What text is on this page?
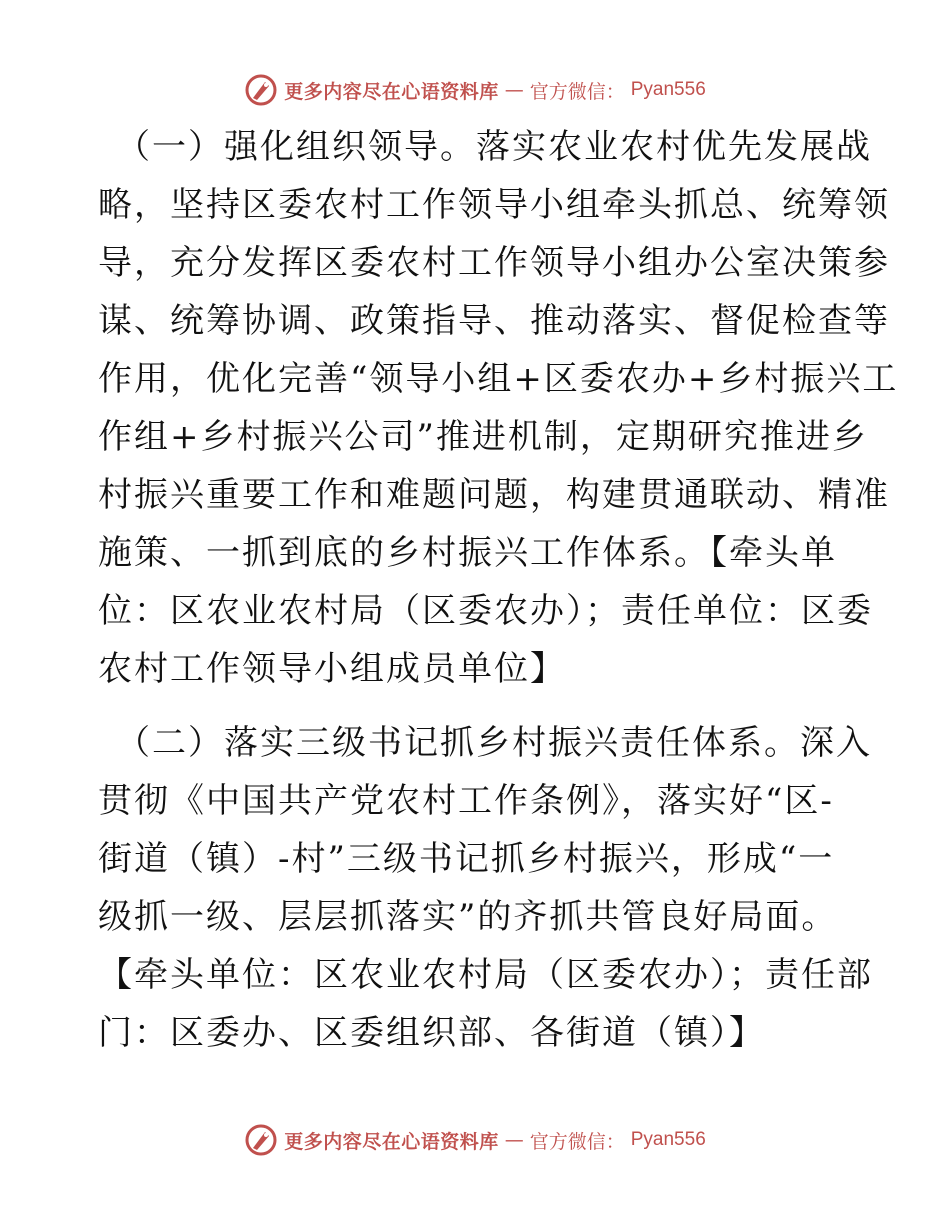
更多内容尽在心语资料库 — 官方微信： Pyan556

（一）强化组织领导。落实农业农村优先发展战
略，坚持区委农村工作领导小组牵头抓总、统筹领
导，充分发挥区委农村工作领导小组办公室决策参
谋、统筹协调、政策指导、推动落实、督促检查等
作用，优化完善“领导小组+区委农办+乡村振兴工
作组+乡村振兴公司”推进机制，定期研究推进乡
村振兴重要工作和难题问题，构建贯通联动、精准
施策、一抓到底的乡村振兴工作体系。【牵头单
位：区农业农村局（区委农办）；责任单位：区委
农村工作领导小组成员单位】

（二）落实三级书记抓乡村振兴责任体系。深入
贯彻《中国共产党农村工作条例》，落实好“区-
街道（镇）-村”三级书记抓乡村振兴，形成“一
级抓一级、层层抓落实”的齐抓共管良好局面。
【牵头单位：区农业农村局（区委农办）；责任部
门：区委办、区委组织部、各街道（镇）】

更多内容尽在心语资料库 — 官方微信： Pyan556
